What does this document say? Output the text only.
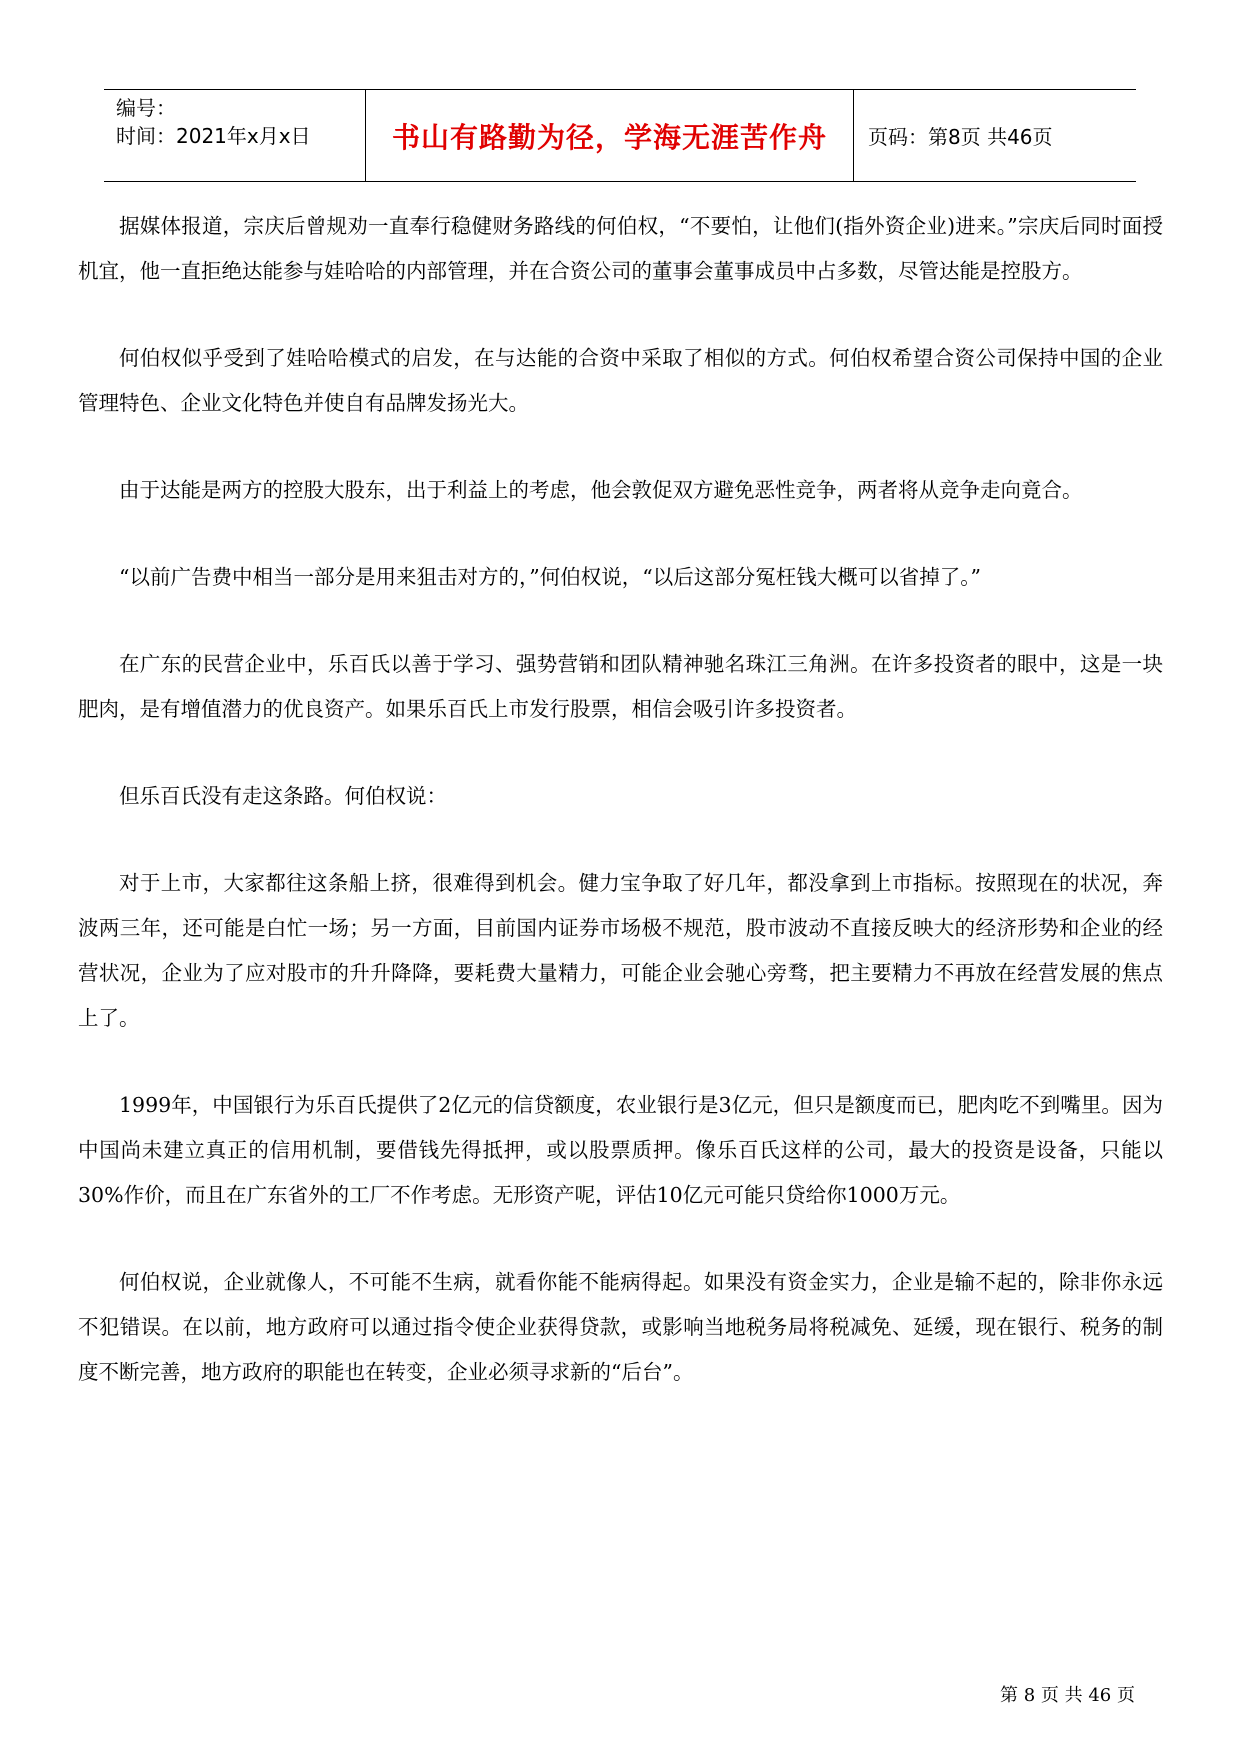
编号：
时间：2021年x月x日	书山有路勤为径，学海无涯苦作舟 页码：第8页 共46页

据媒体报道，宗庆后曾规劝一直奉行稳健财务路线的何伯权，“不要怕，让他们(指外资企业)进来。”宗庆后同时面授机宜，他一直拒绝达能参与娃哈哈的内部管理，并在合资公司的董事会董事成员中占多数，尽管达能是控股方。

何伯权似乎受到了娃哈哈模式的启发，在与达能的合资中采取了相似的方式。何伯权希望合资公司保持中国的企业管理特色、企业文化特色并使自有品牌发扬光大。

由于达能是两方的控股大股东，出于利益上的考虑，他会敦促双方避免恶性竞争，两者将从竞争走向竟合。

“以前广告费中相当一部分是用来狙击对方的，”何伯权说，“以后这部分冤枉钱大概可以省掉了。”

在广东的民营企业中，乐百氏以善于学习、强势营销和团队精神驰名珠江三角洲。在许多投资者的眼中，这是一块肥肉，是有增值潜力的优良资产。如果乐百氏上市发行股票，相信会吸引许多投资者。

但乐百氏没有走这条路。何伯权说：

对于上市，大家都往这条船上挤，很难得到机会。健力宝争取了好几年，都没拿到上市指标。按照现在的状况，奔波两三年，还可能是白忙一场；另一方面，目前国内证券市场极不规范，股市波动不直接反映大的经济形势和企业的经营状况，企业为了应对股市的升升降降，要耗费大量精力，可能企业会驰心旁骛，把主要精力不再放在经营发展的焦点上了。

1999年，中国银行为乐百氏提供了2亿元的信贷额度，农业银行是3亿元，但只是额度而已，肥肉吃不到嘴里。因为中国尚未建立真正的信用机制，要借钱先得抵押，或以股票质押。像乐百氏这样的公司，最大的投资是设备，只能以30%作价，而且在广东省外的工厂不作考虑。无形资产呢，评估10亿元可能只贷给你1000万元。

何伯权说，企业就像人，不可能不生病，就看你能不能病得起。如果没有资金实力，企业是输不起的，除非你永远不犯错误。在以前，地方政府可以通过指令使企业获得贷款，或影响当地税务局将税减免、延缓，现在银行、税务的制度不断完善，地方政府的职能也在转变，企业必须寻求新的“后台”。

第 8 页 共 46 页
